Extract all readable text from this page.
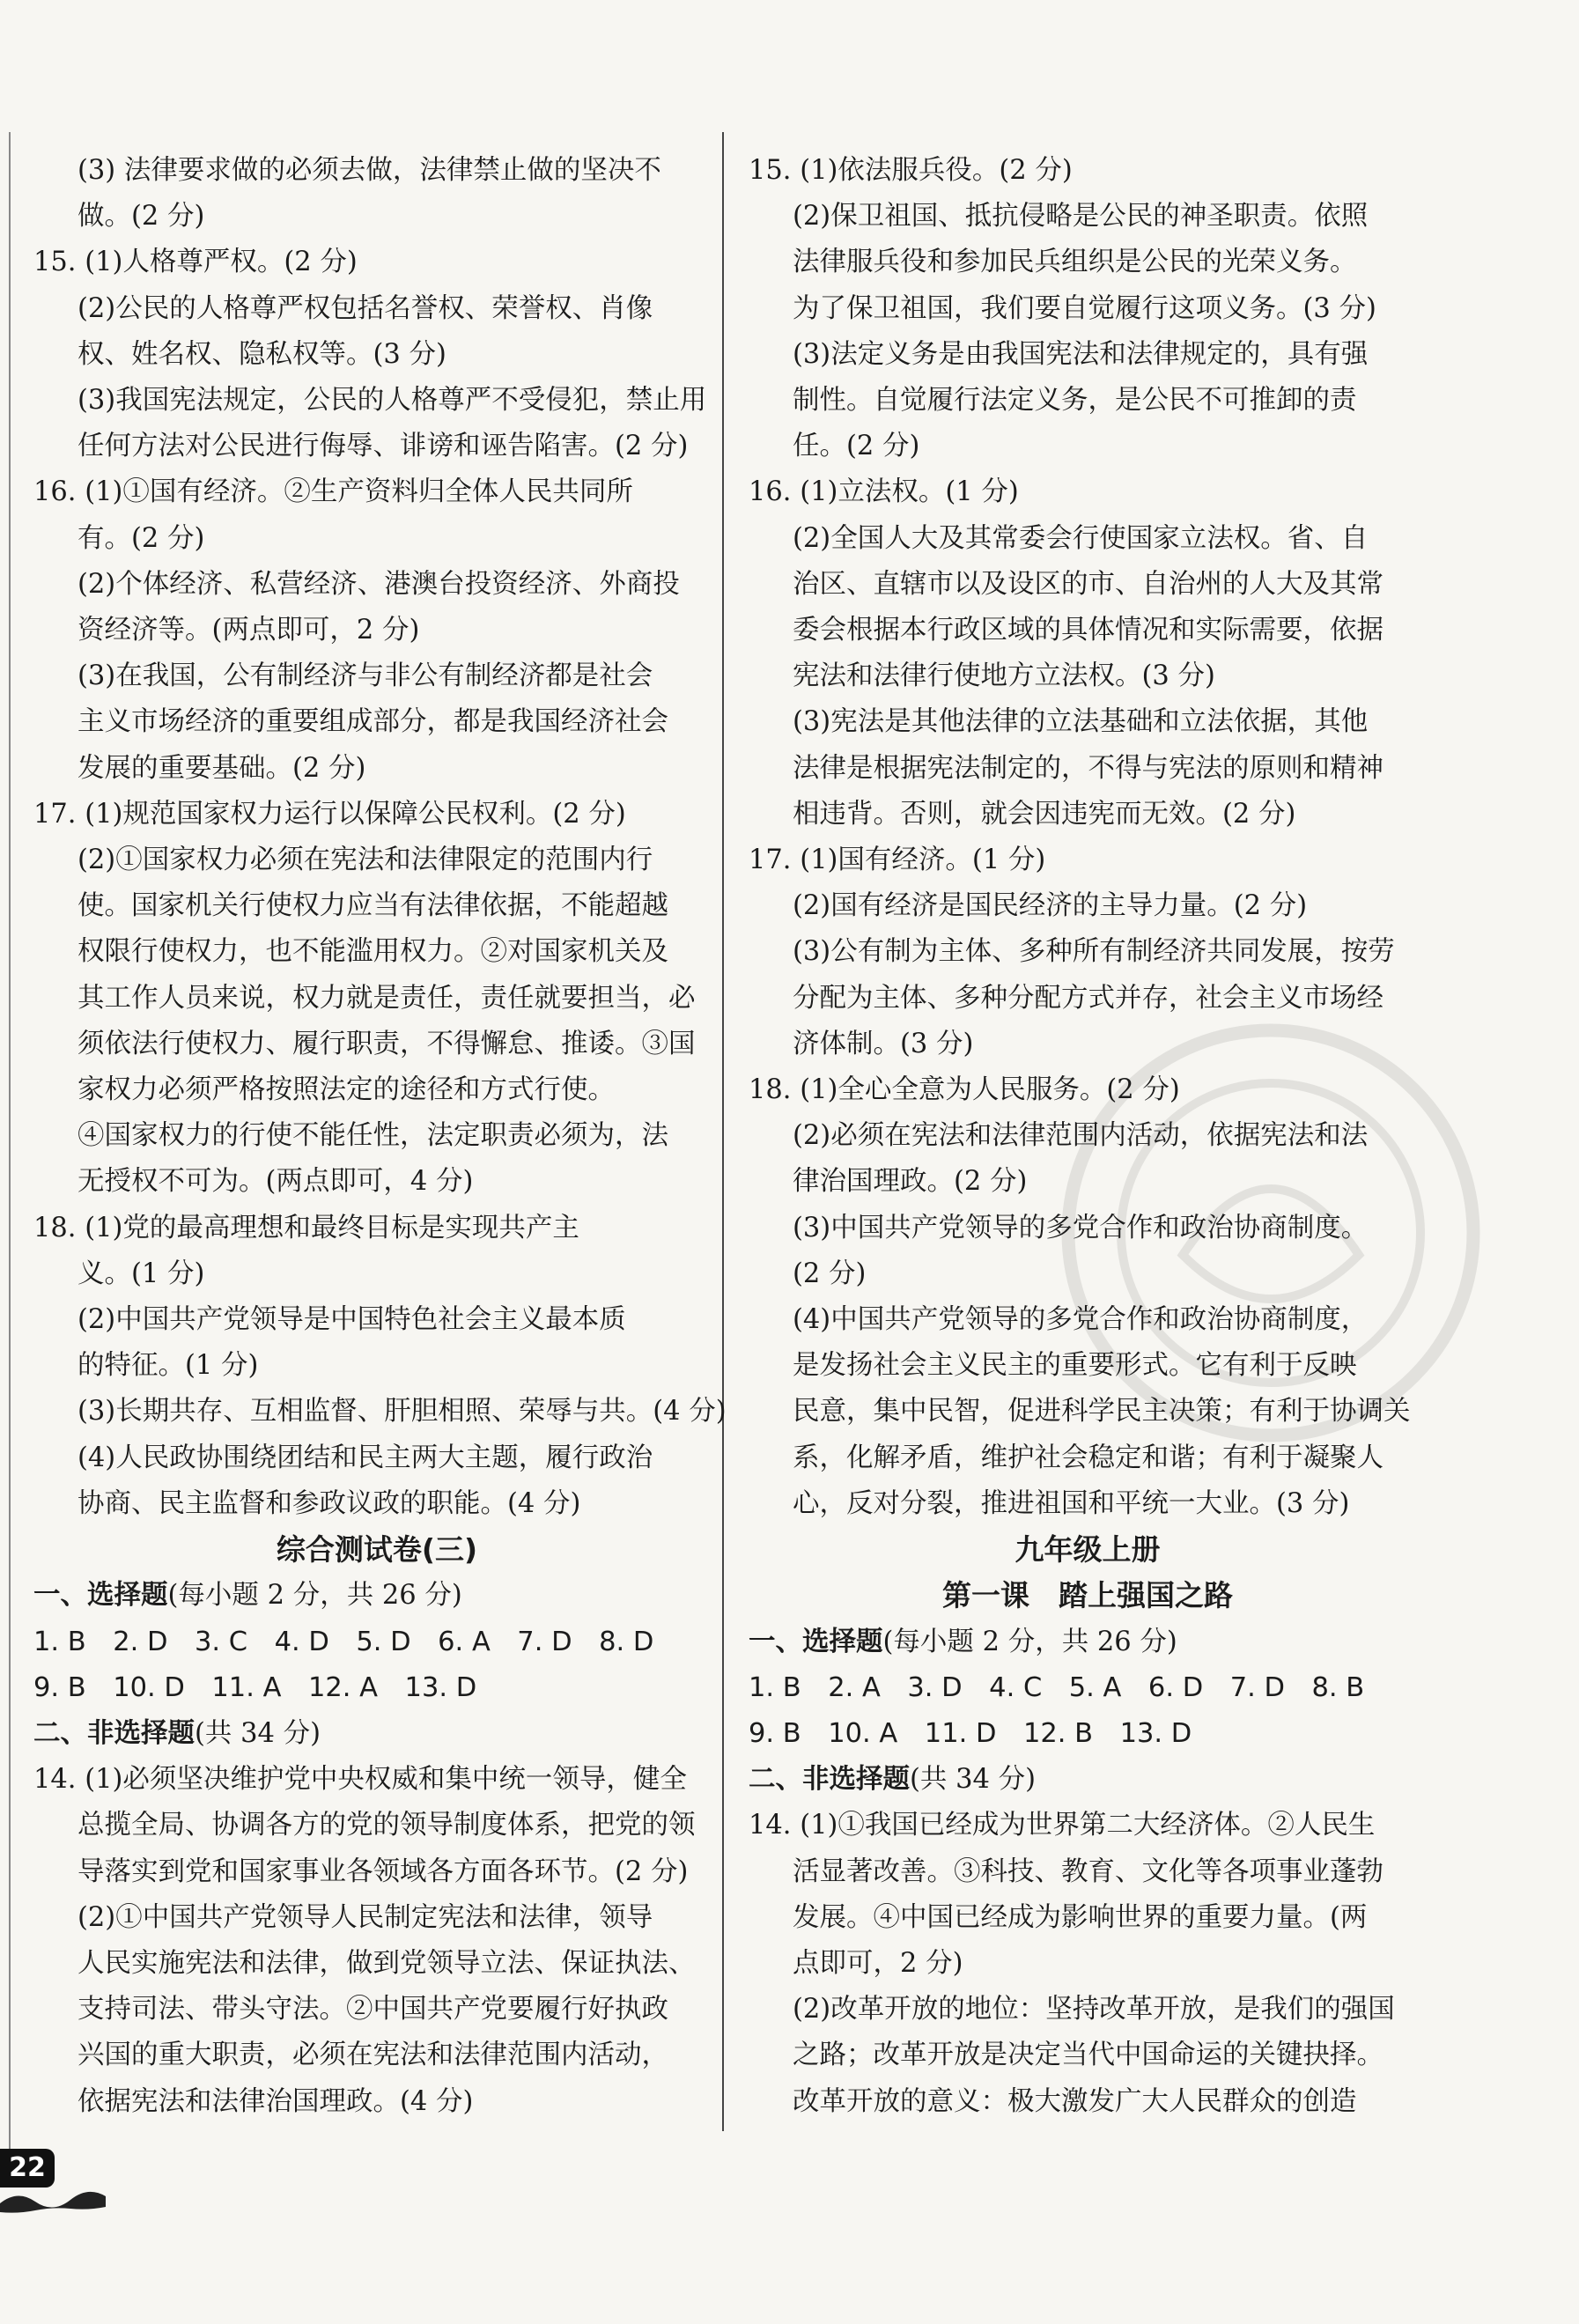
(3) 法律要求做的必须去做，法律禁止做的坚决不
做。(2 分)
15. (1)人格尊严权。(2 分)
(2)公民的人格尊严权包括名誉权、荣誉权、肖像
权、姓名权、隐私权等。(3 分)
(3)我国宪法规定，公民的人格尊严不受侵犯，禁止用
任何方法对公民进行侮辱、诽谤和诬告陷害。(2 分)
16. (1)①国有经济。②生产资料归全体人民共同所
有。(2 分)
(2)个体经济、私营经济、港澳台投资经济、外商投
资经济等。(两点即可，2 分)
(3)在我国，公有制经济与非公有制经济都是社会
主义市场经济的重要组成部分，都是我国经济社会
发展的重要基础。(2 分)
17. (1)规范国家权力运行以保障公民权利。(2 分)
(2)①国家权力必须在宪法和法律限定的范围内行
使。国家机关行使权力应当有法律依据，不能超越
权限行使权力，也不能滥用权力。②对国家机关及
其工作人员来说，权力就是责任，责任就要担当，必
须依法行使权力、履行职责，不得懈怠、推诿。③国
家权力必须严格按照法定的途径和方式行使。
④国家权力的行使不能任性，法定职责必须为，法
无授权不可为。(两点即可，4 分)
18. (1)党的最高理想和最终目标是实现共产主
义。(1 分)
(2)中国共产党领导是中国特色社会主义最本质
的特征。(1 分)
(3)长期共存、互相监督、肝胆相照、荣辱与共。(4 分)
(4)人民政协围绕团结和民主两大主题，履行政治
协商、民主监督和参政议政的职能。(4 分)
综合测试卷(三)
一、选择题(每小题 2 分，共 26 分)
1. B　2. D　3. C　4. D　5. D　6. A　7. D　8. D
9. B　10. D　11. A　12. A　13. D
二、非选择题(共 34 分)
14. (1)必须坚决维护党中央权威和集中统一领导，健全
总揽全局、协调各方的党的领导制度体系，把党的领
导落实到党和国家事业各领域各方面各环节。(2 分)
(2)①中国共产党领导人民制定宪法和法律，领导
人民实施宪法和法律，做到党领导立法、保证执法、
支持司法、带头守法。②中国共产党要履行好执政
兴国的重大职责，必须在宪法和法律范围内活动，
依据宪法和法律治国理政。(4 分)
15. (1)依法服兵役。(2 分)
(2)保卫祖国、抵抗侵略是公民的神圣职责。依照
法律服兵役和参加民兵组织是公民的光荣义务。
为了保卫祖国，我们要自觉履行这项义务。(3 分)
(3)法定义务是由我国宪法和法律规定的，具有强
制性。自觉履行法定义务，是公民不可推卸的责
任。(2 分)
16. (1)立法权。(1 分)
(2)全国人大及其常委会行使国家立法权。省、自
治区、直辖市以及设区的市、自治州的人大及其常
委会根据本行政区域的具体情况和实际需要，依据
宪法和法律行使地方立法权。(3 分)
(3)宪法是其他法律的立法基础和立法依据，其他
法律是根据宪法制定的，不得与宪法的原则和精神
相违背。否则，就会因违宪而无效。(2 分)
17. (1)国有经济。(1 分)
(2)国有经济是国民经济的主导力量。(2 分)
(3)公有制为主体、多种所有制经济共同发展，按劳
分配为主体、多种分配方式并存，社会主义市场经
济体制。(3 分)
18. (1)全心全意为人民服务。(2 分)
(2)必须在宪法和法律范围内活动，依据宪法和法
律治国理政。(2 分)
(3)中国共产党领导的多党合作和政治协商制度。
(2 分)
(4)中国共产党领导的多党合作和政治协商制度，
是发扬社会主义民主的重要形式。它有利于反映
民意，集中民智，促进科学民主决策；有利于协调关
系，化解矛盾，维护社会稳定和谐；有利于凝聚人
心，反对分裂，推进祖国和平统一大业。(3 分)
九年级上册
第一课　踏上强国之路
一、选择题(每小题 2 分，共 26 分)
1. B　2. A　3. D　4. C　5. A　6. D　7. D　8. B
9. B　10. A　11. D　12. B　13. D
二、非选择题(共 34 分)
14. (1)①我国已经成为世界第二大经济体。②人民生
活显著改善。③科技、教育、文化等各项事业蓬勃
发展。④中国已经成为影响世界的重要力量。(两
点即可，2 分)
(2)改革开放的地位：坚持改革开放，是我们的强国
之路；改革开放是决定当代中国命运的关键抉择。
改革开放的意义：极大激发广大人民群众的创造
22
